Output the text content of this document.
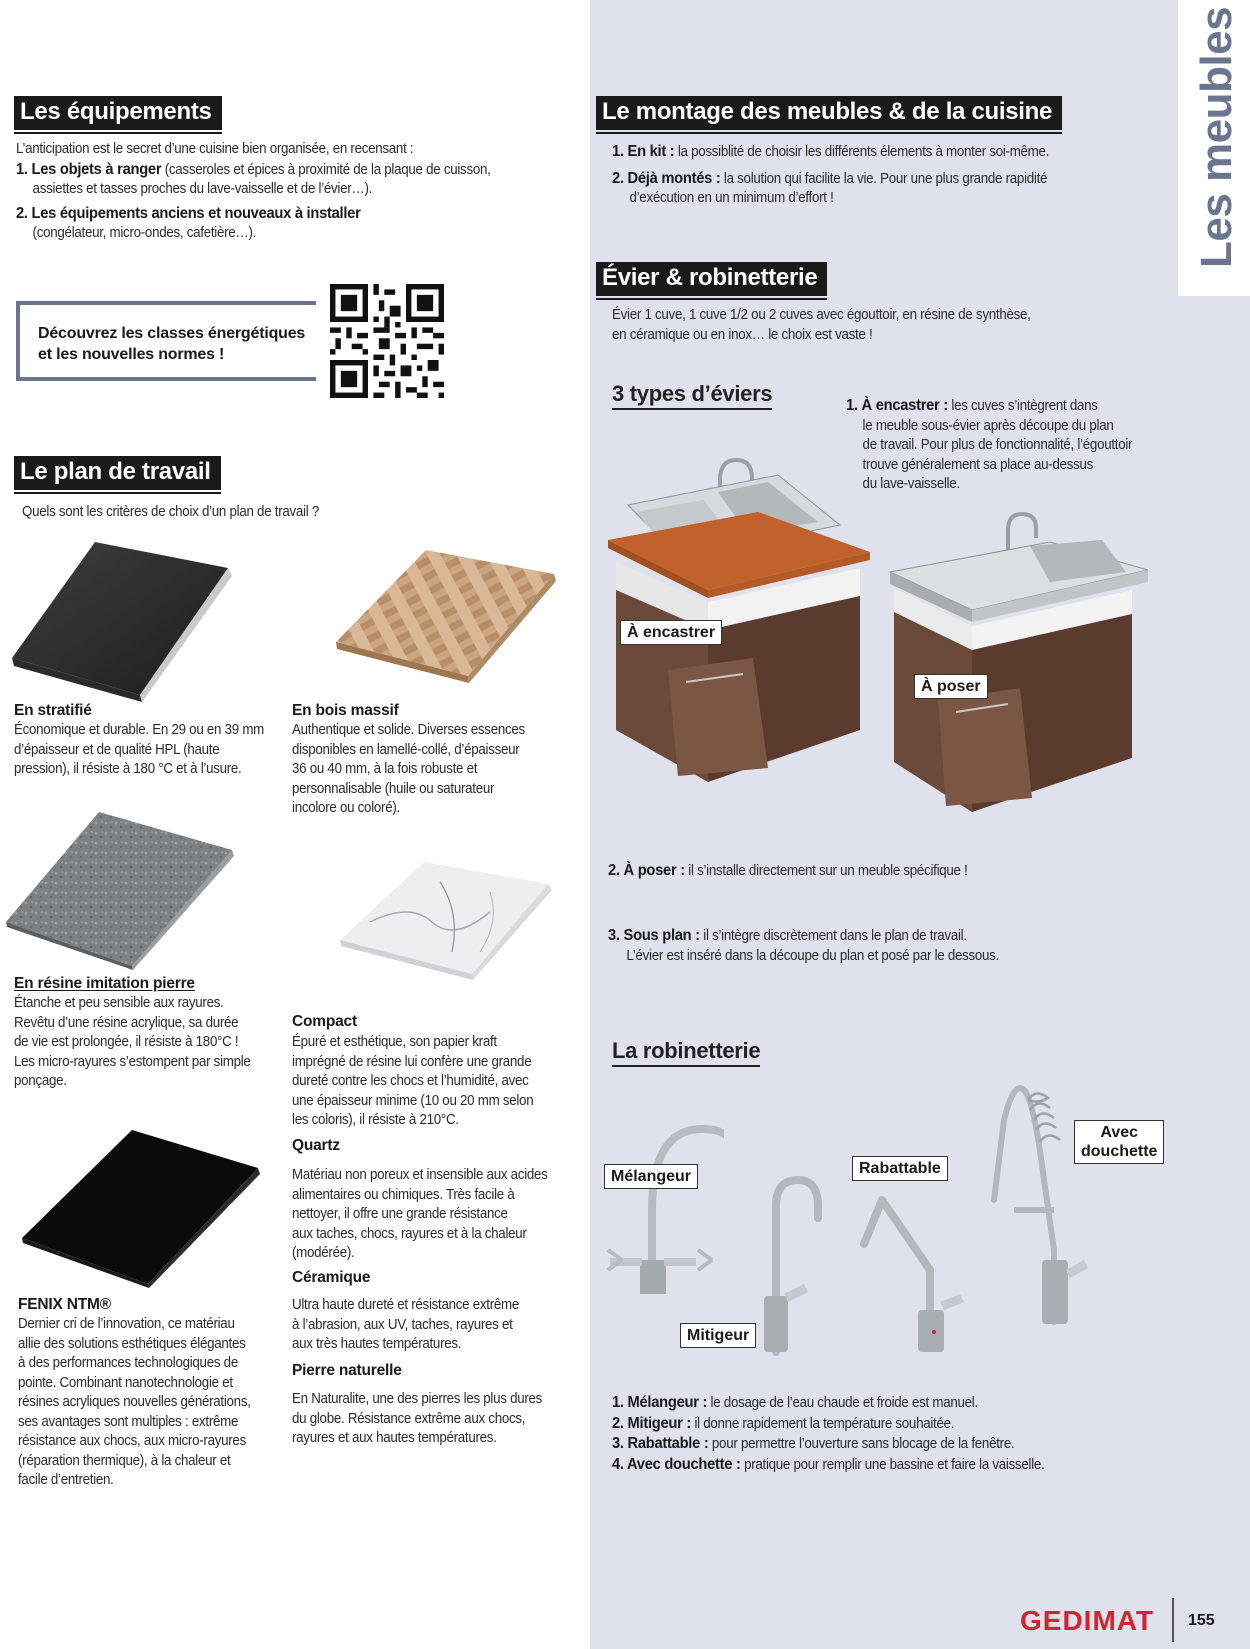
Les meubles
Les équipements
L’anticipation est le secret d’une cuisine bien organisée, en recensant :
1. Les objets à ranger (casseroles et épices à proximité de la plaque de cuisson,
assiettes et tasses proches du lave-vaisselle et de l’évier…).
2. Les équipements anciens et nouveaux à installer
(congélateur, micro-ondes, cafetière…).
Découvrez les classes énergétiques
et les nouvelles normes !
Le plan de travail
Quels sont les critères de choix d’un plan de travail ?
En stratifié
Économique et durable. En 29 ou en 39 mm
d’épaisseur et de qualité HPL (haute
pression), il résiste à 180 °C et à l’usure.
En bois massif
Authentique et solide. Diverses essences
disponibles en lamellé-collé, d’épaisseur
36 ou 40 mm, à la fois robuste et
personnalisable (huile ou saturateur
incolore ou coloré).
En résine imitation pierre
Étanche et peu sensible aux rayures.
Revêtu d’une résine acrylique, sa durée
de vie est prolongée, il résiste à 180°C !
Les micro-rayures s’estompent par simple
ponçage.
Compact
Épuré et esthétique, son papier kraft
imprégné de résine lui confère une grande
dureté contre les chocs et l’humidité, avec
une épaisseur minime (10 ou 20 mm selon
les coloris), il résiste à 210°C.
Quartz
Matériau non poreux et insensible aux acides
alimentaires ou chimiques. Très facile à
nettoyer, il offre une grande résistance
aux taches, chocs, rayures et à la chaleur
(modérée).
Céramique
Ultra haute dureté et résistance extrême
à l’abrasion, aux UV, taches, rayures et
aux très hautes températures.
Pierre naturelle
En Naturalite, une des pierres les plus dures
du globe. Résistance extrême aux chocs,
rayures et aux hautes températures.
FENIX NTM®
Dernier cri de l’innovation, ce matériau
allie des solutions esthétiques élégantes
à des performances technologiques de
pointe. Combinant nanotechnologie et
résines acryliques nouvelles générations,
ses avantages sont multiples : extrême
résistance aux chocs, aux micro-rayures
(réparation thermique), à la chaleur et
facile d’entretien.
Le montage des meubles & de la cuisine
1. En kit : la possiblité de choisir les différents élements à monter soi-même.
2. Déjà montés : la solution qui facilite la vie. Pour une plus grande rapidité
d’exécution en un minimum d’effort !
Évier & robinetterie
Évier 1 cuve, 1 cuve 1/2 ou 2 cuves avec égouttoir, en résine de synthèse,
en céramique ou en inox… le choix est vaste !
3 types d’éviers	1. À encastrer : les cuves s’intègrent dans
le meuble sous-évier après découpe du plan
de travail. Pour plus de fonctionnalité, l’égouttoir
trouve généralement sa place au-dessus
du lave-vaisselle.
À encastrer
À poser
2. À poser : il s’installe directement sur un meuble spécifique !
3. Sous plan : il s’intègre discrètement dans le plan de travail.
L’évier est inséré dans la découpe du plan et posé par le dessous.
La robinetterie
Mélangeur
Mitigeur
Rabattable
Avec
douchette
1. Mélangeur : le dosage de l’eau chaude et froide est manuel.
2. Mitigeur : il donne rapidement la température souhaitée.
3. Rabattable : pour permettre l’ouverture sans blocage de la fenêtre.
4. Avec douchette : pratique pour remplir une bassine et faire la vaisselle.
GEDIMAT 155
